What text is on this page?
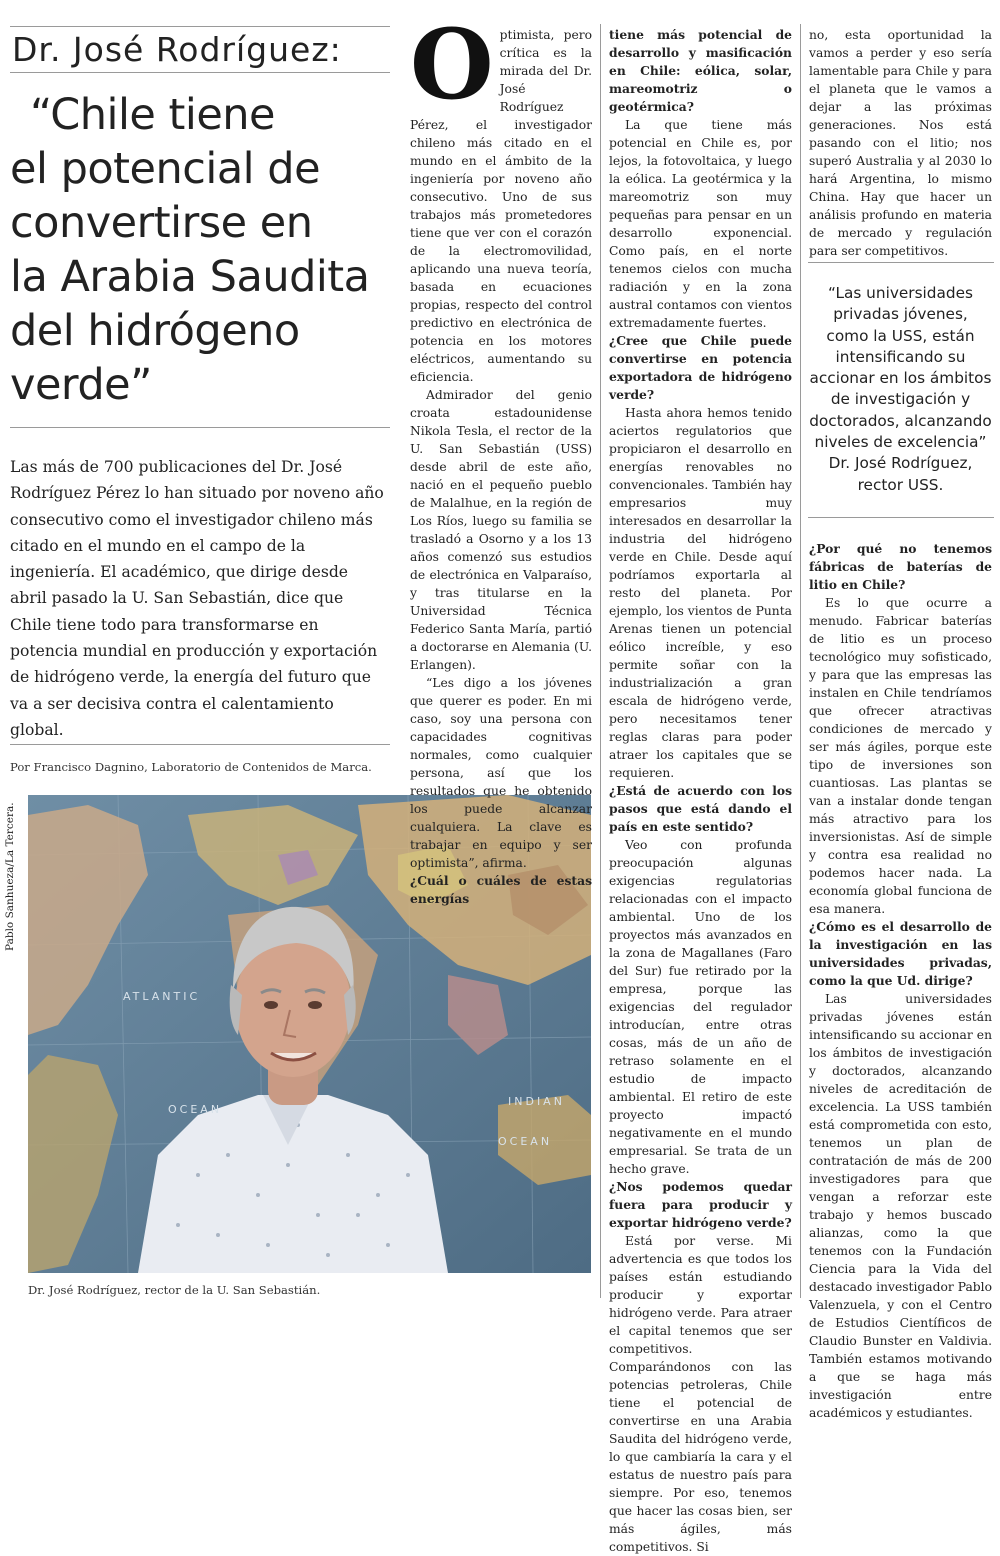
Dr. José Rodríguez:
“Chile tiene
el potencial de
convertirse en
la Arabia Saudita
del hidrógeno
verde”
Las más de 700 publicaciones del Dr. José Rodríguez Pérez lo han situado por noveno año consecutivo como el investigador chileno más citado en el mundo en el campo de la ingeniería. El académico, que dirige desde abril pasado la U. San Sebastián, dice que Chile tiene todo para transformarse en potencia mundial en producción y exportación de hidrógeno verde, la energía del futuro que va a ser decisiva contra el calentamiento global.
Por Francisco Dagnino, Laboratorio de Contenidos de Marca.
Pablo Sanhueza/La Tercera.
ATLANTIC
OCEAN
INDIAN
OCEAN
Dr. José Rodríguez, rector de la U. San Sebastián.
O ptimista, pero crítica es la mirada del Dr. José Rodríguez Pérez, el investigador chileno más citado en el mundo en el ámbito de la ingeniería por noveno año consecutivo. Uno de sus trabajos más prometedores tiene que ver con el corazón de la electromovilidad, aplicando una nueva teoría, basada en ecuaciones propias, respecto del control predictivo en electrónica de potencia en los motores eléctricos, aumentando su eficiencia.

Admirador del genio croata estadounidense Nikola Tesla, el rector de la U. San Sebastián (USS) desde abril de este año, nació en el pequeño pueblo de Malalhue, en la región de Los Ríos, luego su familia se trasladó a Osorno y a los 13 años comenzó sus estudios de electrónica en Valparaíso, y tras titularse en la Universidad Técnica Federico Santa María, partió a doctorarse en Alemania (U. Erlangen).

“Les digo a los jóvenes que querer es poder. En mi caso, soy una persona con capacidades cognitivas normales, como cualquier persona, así que los resultados que he obtenido los puede alcanzar cualquiera. La clave es trabajar en equipo y ser optimista”, afirma.

¿Cuál o cuáles de estas energías

tiene más potencial de desarrollo y masificación en Chile: eólica, solar, mareomotriz o geotérmica?

La que tiene más potencial en Chile es, por lejos, la fotovoltaica, y luego la eólica. La geotérmica y la mareomotriz son muy pequeñas para pensar en un desarrollo exponencial. Como país, en el norte tenemos cielos con mucha radiación y en la zona austral contamos con vientos extremadamente fuertes.

¿Cree que Chile puede convertirse en potencia exportadora de hidrógeno verde?

Hasta ahora hemos tenido aciertos regulatorios que propiciaron el desarrollo en energías renovables no convencionales. También hay empresarios muy interesados en desarrollar la industria del hidrógeno verde en Chile. Desde aquí podríamos exportarla al resto del planeta. Por ejemplo, los vientos de Punta Arenas tienen un potencial eólico increíble, y eso permite soñar con la industrialización a gran escala de hidrógeno verde, pero necesitamos tener reglas claras para poder atraer los capitales que se requieren.

¿Está de acuerdo con los pasos que está dando el país en este sentido?

Veo con profunda preocupación algunas exigencias regulatorias relacionadas con el impacto ambiental. Uno de los proyectos más avanzados en la zona de Magallanes (Faro del Sur) fue retirado por la empresa, porque las exigencias del regulador introducían, entre otras cosas, más de un año de retraso solamente en el estudio de impacto ambiental. El retiro de este proyecto impactó negativamente en el mundo empresarial. Se trata de un hecho grave.

¿Nos podemos quedar fuera para producir y exportar hidrógeno verde?

Está por verse. Mi advertencia es que todos los países están estudiando producir y exportar hidrógeno verde. Para atraer el capital tenemos que ser competitivos. Comparándonos con las potencias petroleras, Chile tiene el potencial de convertirse en una Arabia Saudita del hidrógeno verde, lo que cambiaría la cara y el estatus de nuestro país para siempre. Por eso, tenemos que hacer las cosas bien, ser más ágiles, más competitivos. Si

no, esta oportunidad la vamos a perder y eso sería lamentable para Chile y para el planeta que le vamos a dejar a las próximas generaciones. Nos está pasando con el litio; nos superó Australia y al 2030 lo hará Argentina, lo mismo China. Hay que hacer un análisis profundo en materia de mercado y regulación para ser competitivos.

“Las universidades
privadas jóvenes,
como la USS, están
intensificando su
accionar en los ámbitos
de investigación y
doctorados, alcanzando
niveles de excelencia”
Dr. José Rodríguez,
rector USS.

¿Por qué no tenemos fábricas de baterías de litio en Chile?

Es lo que ocurre a menudo. Fabricar baterías de litio es un proceso tecnológico muy sofisticado, y para que las empresas las instalen en Chile tendríamos que ofrecer atractivas condiciones de mercado y ser más ágiles, porque este tipo de inversiones son cuantiosas. Las plantas se van a instalar donde tengan más atractivo para los inversionistas. Así de simple y contra esa realidad no podemos hacer nada. La economía global funciona de esa manera.

¿Cómo es el desarrollo de la investigación en las universidades privadas, como la que Ud. dirige?

Las universidades privadas jóvenes están intensificando su accionar en los ámbitos de investigación y doctorados, alcanzando niveles de acreditación de excelencia. La USS también está comprometida con esto, tenemos un plan de contratación de más de 200 investigadores para que vengan a reforzar este trabajo y hemos buscado alianzas, como la que tenemos con la Fundación Ciencia para la Vida del destacado investigador Pablo Valenzuela, y con el Centro de Estudios Científicos de Claudio Bunster en Valdivia. También estamos motivando a que se haga más investigación entre académicos y estudiantes.
